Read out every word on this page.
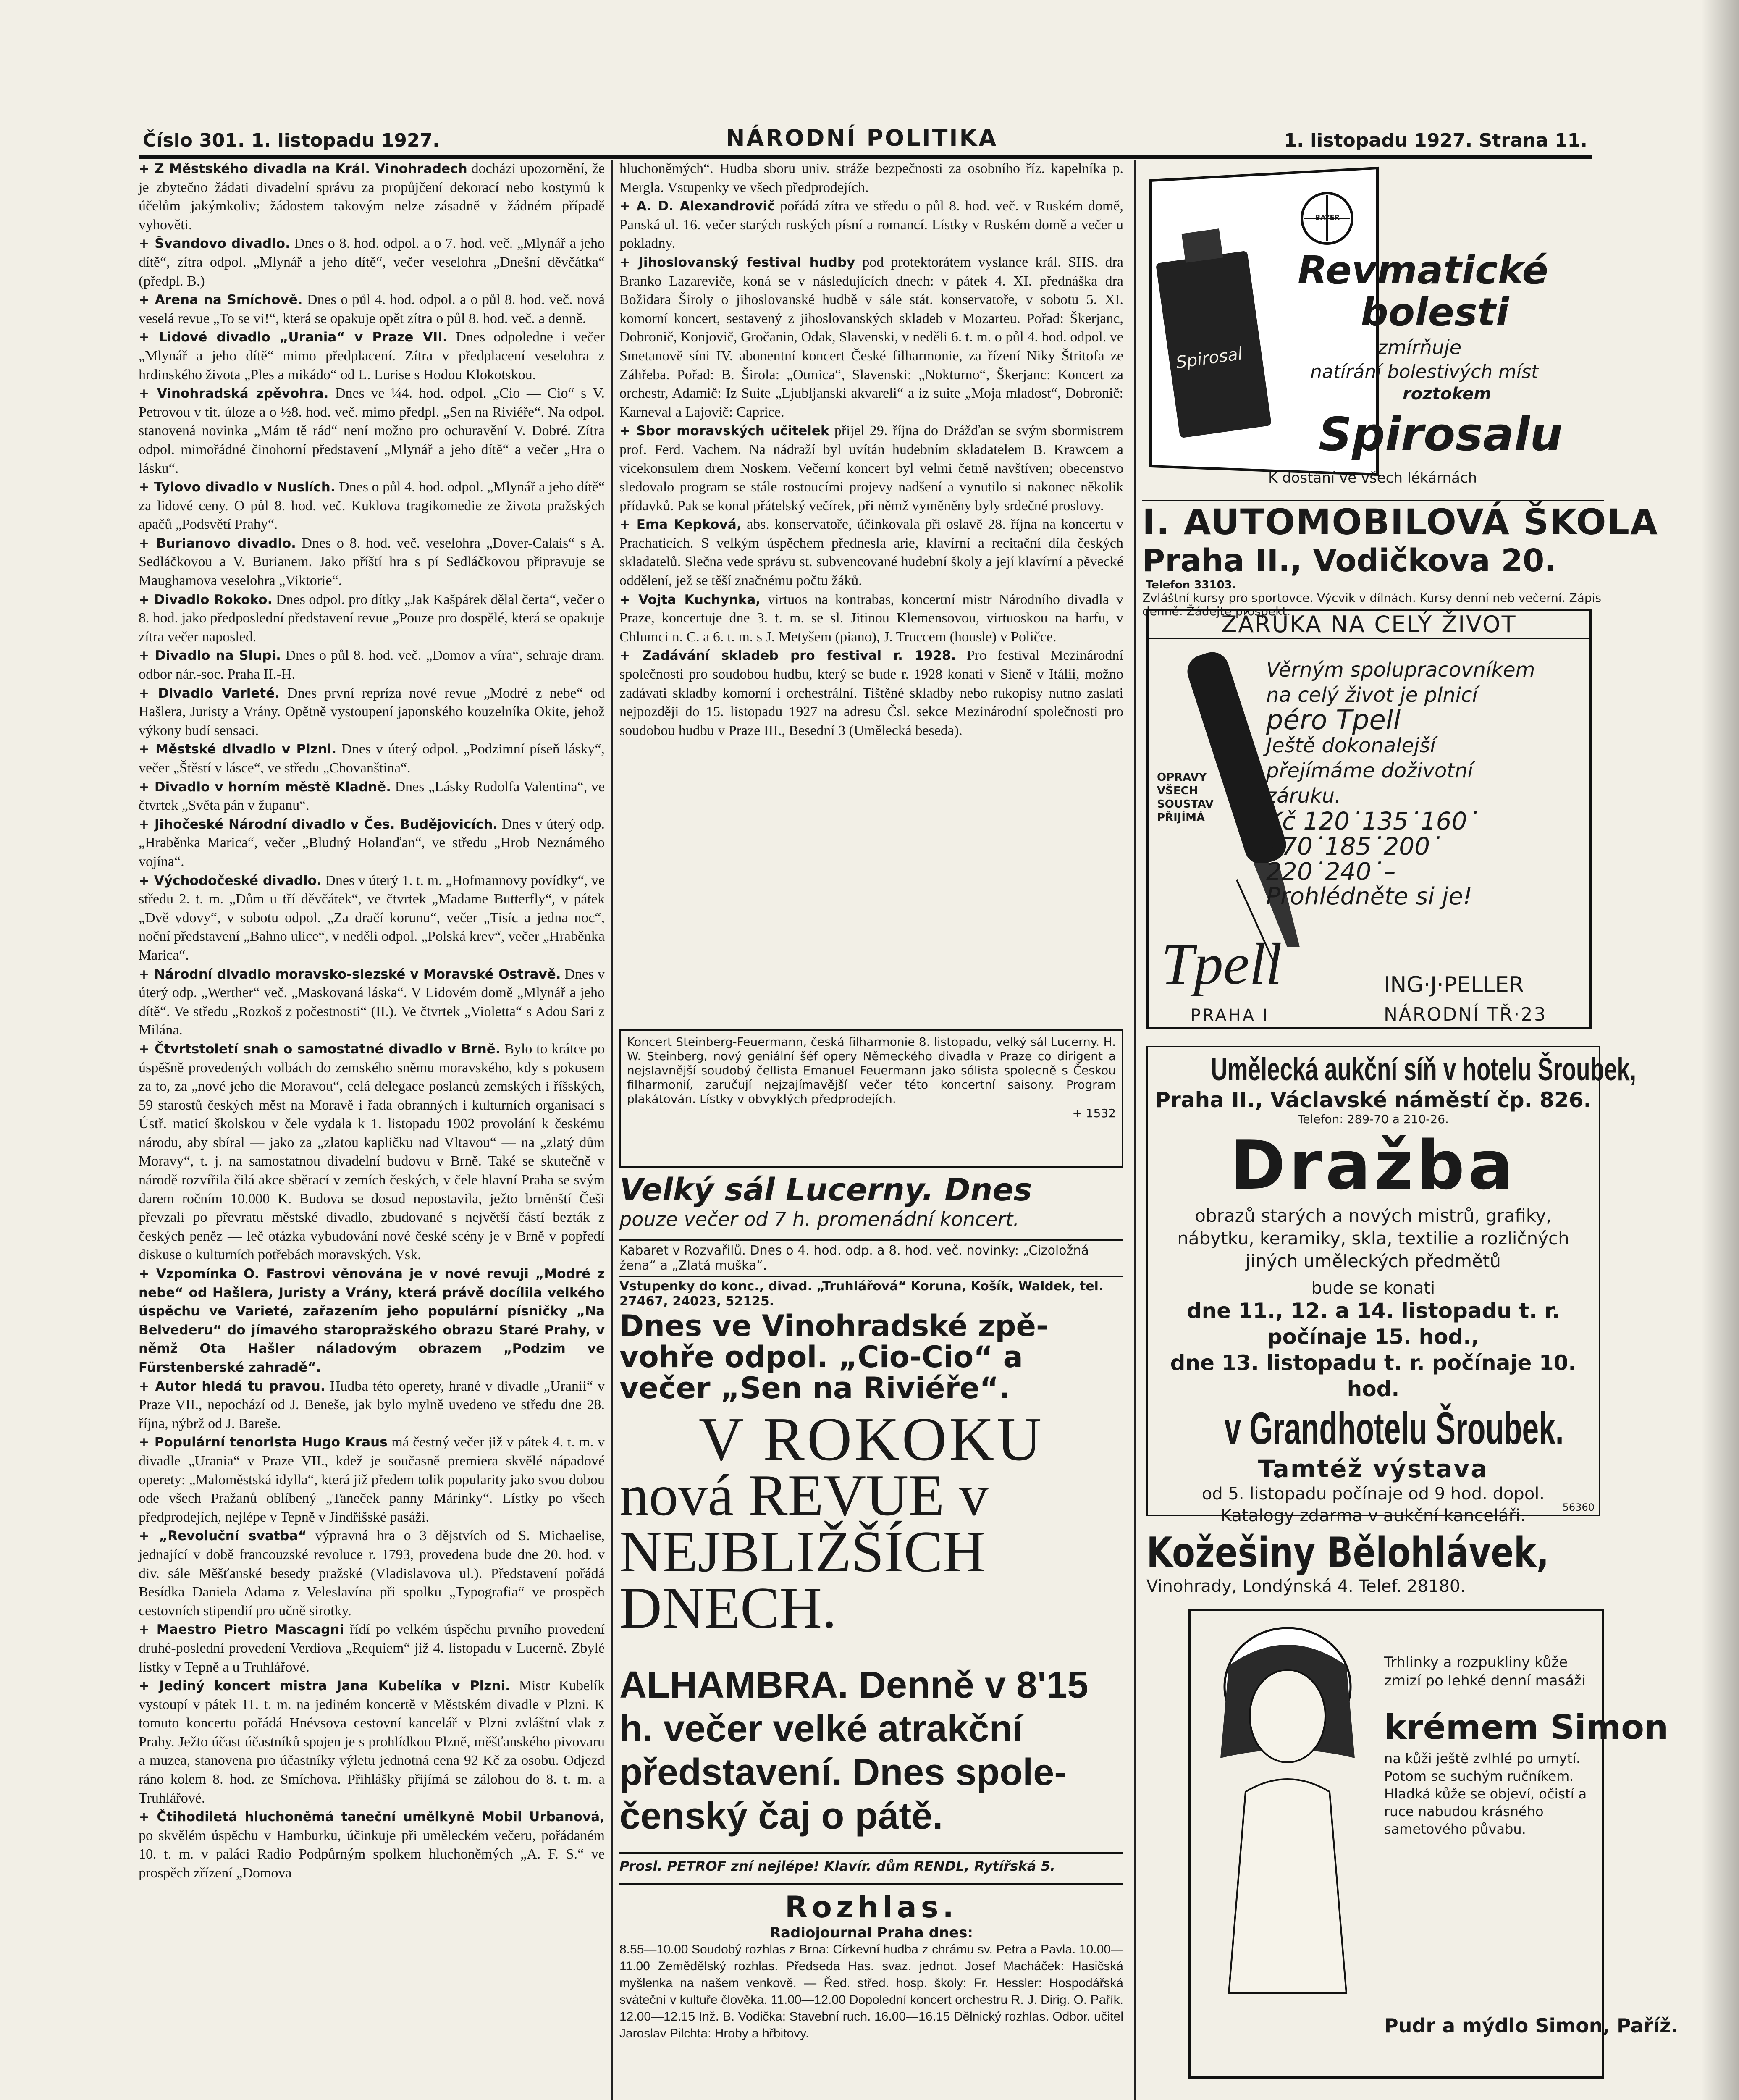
Číslo 301. 1. listopadu 1927.	NÁRODNÍ POLITIKA	1. listopadu 1927. Strana 11.

+ Z Městského divadla na Král. Vinohradech docházi upozornění, že je zbytečno žádati divadelní správu za propůjčení dekorací nebo kostymů k účelům jakýmkoliv; žádostem takovým nelze zásadně v žádném případě vyhověti.

+ Švandovo divadlo. Dnes o 8. hod. odpol. a o 7. hod. več. „Mlynář a jeho dítě“, zítra odpol. „Mlynář a jeho dítě“, večer veselohra „Dnešní děvčátka“ (předpl. B.)

+ Arena na Smíchově. Dnes o půl 4. hod. odpol. a o půl 8. hod. več. nová veselá revue „To se vi!“, která se opakuje opět zítra o půl 8. hod. več. a denně.

+ Lidové divadlo „Urania“ v Praze VII. Dnes odpoledne i večer „Mlynář a jeho dítě“ mimo předplacení. Zítra v předplacení veselohra z hrdinského života „Ples a mikádo“ od L. Lurise s Hodou Klokotskou.

+ Vinohradská zpěvohra. Dnes ve ¼4. hod. odpol. „Cio — Cio“ s V. Petrovou v tit. úloze a o ½8. hod. več. mimo předpl. „Sen na Riviéře“. Na odpol. stanovená novinka „Mám tě rád“ není možno pro ochuravění V. Dobré. Zítra odpol. mimořádné činohorní představení „Mlynář a jeho dítě“ a večer „Hra o lásku“.

+ Tylovo divadlo v Nuslích. Dnes o půl 4. hod. odpol. „Mlynář a jeho dítě“ za lidové ceny. O půl 8. hod. več. Kuklova tragikomedie ze života pražských apačů „Podsvětí Prahy“.

+ Burianovo divadlo. Dnes o 8. hod. več. veselohra „Dover-Calais“ s A. Sedláčkovou a V. Burianem. Jako příští hra s pí Sedláčkovou připravuje se Maughamova veselohra „Viktorie“.

+ Divadlo Rokoko. Dnes odpol. pro dítky „Jak Kašpárek dělal čerta“, večer o 8. hod. jako předposlední představení revue „Pouze pro dospělé, která se opakuje zítra večer naposled.

+ Divadlo na Slupi. Dnes o půl 8. hod. več. „Domov a víra“, sehraje dram. odbor nár.-soc. Praha II.-H.

+ Divadlo Varieté. Dnes první repríza nové revue „Modré z nebe“ od Hašlera, Juristy a Vrány. Opětně vystoupení japonského kouzelníka Okite, jehož výkony budí sensaci.

+ Městské divadlo v Plzni. Dnes v úterý odpol. „Podzimní píseň lásky“, večer „Štěstí v lásce“, ve středu „Chovanština“.

+ Divadlo v horním městě Kladně. Dnes „Lásky Rudolfa Valentina“, ve čtvrtek „Světa pán v županu“.

+ Jihočeské Národní divadlo v Čes. Budějovicích. Dnes v úterý odp. „Hraběnka Marica“, večer „Bludný Holanďan“, ve středu „Hrob Neznámého vojína“.

+ Východočeské divadlo. Dnes v úterý 1. t. m. „Hofmannovy povídky“, ve středu 2. t. m. „Dům u tří děvčátek“, ve čtvrtek „Madame Butterfly“, v pátek „Dvě vdovy“, v sobotu odpol. „Za dračí korunu“, večer „Tisíc a jedna noc“, noční představení „Bahno ulice“, v neděli odpol. „Polská krev“, večer „Hraběnka Marica“.

+ Národní divadlo moravsko-slezské v Moravské Ostravě. Dnes v úterý odp. „Werther“ več. „Maskovaná láska“. V Lidovém domě „Mlynář a jeho dítě“. Ve středu „Rozkoš z počestnosti“ (II.). Ve čtvrtek „Violetta“ s Adou Sari z Milána.

+ Čtvrtstoletí snah o samostatné divadlo v Brně. Bylo to krátce po úspěšně provedených volbách do zemského sněmu moravského, kdy s pokusem za to, za „nové jeho die Moravou“, celá delegace poslanců zemských i říšských, 59 starostů českých měst na Moravě i řada obranných i kulturních organisací s Ústř. maticí školskou v čele vydala k 1. listopadu 1902 provolání k českému národu, aby sbíral — jako za „zlatou kapličku nad Vltavou“ — na „zlatý dům Moravy“, t. j. na samostatnou divadelní budovu v Brně. Také se skutečně v národě rozvířila čilá akce sběrací v zemích českých, v čele hlavní Praha se svým darem ročním 10.000 K. Budova se dosud nepostavila, ježto brněnští Češi převzali po převratu městské divadlo, zbudované s největší částí bezták z českých peněz — leč otázka vybudování nové české scény je v Brně v popředí diskuse o kulturních potřebách moravských. Vsk.

+ Vzpomínka O. Fastrovi věnována je v nové revuji „Modré z nebe“ od Hašlera, Juristy a Vrány, která právě docílila velkého úspěchu ve Varieté, zařazením jeho populární písničky „Na Belvederu“ do jímavého staropražského obrazu Staré Prahy, v němž Ota Hašler náladovým obrazem „Podzim ve Fürstenberské zahradě“.

+ Autor hledá tu pravou. Hudba této operety, hrané v divadle „Uranii“ v Praze VII., nepochází od J. Beneše, jak bylo mylně uvedeno ve středu dne 28. října, nýbrž od J. Bareše.

+ Populární tenorista Hugo Kraus má čestný večer již v pátek 4. t. m. v divadle „Urania“ v Praze VII., kdež je současně premiera skvělé nápadové operety: „Maloměstská idylla“, která již předem tolik popularity jako svou dobou ode všech Pražanů oblíbený „Taneček panny Márinky“. Lístky po všech předprodejích, nejlépe v Tepně v Jindřišské pasáži.

+ „Revoluční svatba“ výpravná hra o 3 dějstvích od S. Michaelise, jednající v době francouzské revoluce r. 1793, provedena bude dne 20. hod. v div. sále Měšťanské besedy pražské (Vladislavova ul.). Představení pořádá Besídka Daniela Adama z Veleslavína při spolku „Typografia“ ve prospěch cestovních stipendií pro učně sirotky.

+ Maestro Pietro Mascagni řídí po velkém úspěchu prvního provedení druhé-poslední provedení Verdiova „Requiem“ již 4. listopadu v Lucerně. Zbylé lístky v Tepně a u Truhlářové.

+ Jediný koncert mistra Jana Kubelíka v Plzni. Mistr Kubelík vystoupí v pátek 11. t. m. na jediném koncertě v Městském divadle v Plzni. K tomuto koncertu pořádá Hnévsova cestovní kancelář v Plzni zvláštní vlak z Prahy. Ježto účast účastníků spojen je s prohlídkou Plzně, měšťanského pivovaru a muzea, stanovena pro účastníky výletu jednotná cena 92 Kč za osobu. Odjezd ráno kolem 8. hod. ze Smíchova. Přihlášky přijímá se zálohou do 8. t. m. a Truhlářové.

+ Čtihodiletá hluchoněmá taneční umělkyně Mobil Urbanová, po skvělém úspěchu v Hamburku, účinkuje při uměleckém večeru, pořádaném 10. t. m. v paláci Radio Podpůrným spolkem hluchoněmých „A. F. S.“ ve prospěch zřízení „Domova

hluchoněmých“. Hudba sboru univ. stráže bezpečnosti za osobního říz. kapelníka p. Mergla. Vstupenky ve všech předprodejích.

+ A. D. Alexandrovič pořádá zítra ve středu o půl 8. hod. več. v Ruském domě, Panská ul. 16. večer starých ruských písní a romancí. Lístky v Ruském domě a večer u pokladny.

+ Jihoslovanský festival hudby pod protektorátem vyslance král. SHS. dra Branko Lazareviče, koná se v následujících dnech: v pátek 4. XI. přednáška dra Božidara Široly o jihoslovanské hudbě v sále stát. konservatoře, v sobotu 5. XI. komorní koncert, sestavený z jihoslovanských skladeb v Mozarteu. Pořad: Škerjanc, Dobronič, Konjovič, Gročanin, Odak, Slavenski, v neděli 6. t. m. o půl 4. hod. odpol. ve Smetanově síni IV. abonentní koncert České filharmonie, za řízení Niky Štritofa ze Záhřeba. Pořad: B. Širola: „Otmica“, Slavenski: „Nokturno“, Škerjanc: Koncert za orchestr, Adamič: Iz Suite „Ljubljanski akvareli“ a iz suite „Moja mladost“, Dobronič: Karneval a Lajovič: Caprice.

+ Sbor moravských učitelek přijel 29. října do Drážďan se svým sbormistrem prof. Ferd. Vachem. Na nádraží byl uvítán hudebním skladatelem B. Krawcem a vicekonsulem drem Noskem. Večerní koncert byl velmi četně navštíven; obecenstvo sledovalo program se stále rostoucími projevy nadšení a vynutilo si nakonec několik přídavků. Pak se konal přátelský večírek, při němž vyměněny byly srdečné proslovy.

+ Ema Kepková, abs. konservatoře, účinkovala při oslavě 28. října na koncertu v Prachaticích. S velkým úspěchem přednesla arie, klavírní a recitační díla českých skladatelů. Slečna vede správu st. subvencované hudební školy a její klavírní a pěvecké oddělení, jež se těší značnému počtu žáků.

+ Vojta Kuchynka, virtuos na kontrabas, koncertní mistr Národního divadla v Praze, koncertuje dne 3. t. m. se sl. Jitinou Klemensovou, virtuoskou na harfu, v Chlumci n. C. a 6. t. m. s J. Metyšem (piano), J. Truccem (housle) v Poličce.

+ Zadávání skladeb pro festival r. 1928. Pro festival Mezinárodní společnosti pro soudobou hudbu, který se bude r. 1928 konati v Sieně v Itálii, možno zadávati skladby komorní i orchestrální. Tištěné skladby nebo rukopisy nutno zaslati nejpozději do 15. listopadu 1927 na adresu Čsl. sekce Mezinárodní společnosti pro soudobou hudbu v Praze III., Besední 3 (Umělecká beseda).

Koncert Steinberg-Feuermann, česká filharmonie 8. listopadu, velký sál Lucerny. H. W. Steinberg, nový geniální šéf opery Německého divadla v Praze co dirigent a nejslavnější soudobý čellista Emanuel Feuermann jako sólista spolecně s Českou filharmonií, zaručují nejzajímavější večer této koncertní saisony. Program plakátován. Lístky v obvyklých předprodejích.
+ 1532
Velký sál Lucerny. Dnes
pouze večer od 7 h. promenádní koncert.
Kabaret v Rozvařilů. Dnes o 4. hod. odp. a 8. hod. več. novinky: „Cizoložná žena“ a „Zlatá muška“.
Vstupenky do konc., divad. „Truhlářová“ Koruna, Košík, Waldek, tel. 27467, 24023, 52125.
Dnes ve Vinohradské zpě-
vohře odpol. „Cio-Cio“ a
večer „Sen na Riviéře“.
V ROKOKU
nová REVUE v
NEJBLIŽŠÍCH
DNECH.
ALHAMBRA. Denně v 8'15
h. večer velké atrakční
představení. Dnes spole-
čenský čaj o pátě.
Prosl. PETROF zní nejlépe! Klavír. dům RENDL, Rytířská 5.
Rozhlas.
Radiojournal Praha dnes:
8.55—10.00 Soudobý rozhlas z Brna: Církevní hudba z chrámu sv. Petra a Pavla. 10.00—11.00 Zemědělský rozhlas. Předseda Has. svaz. jednot. Josef Macháček: Hasičská myšlenka na našem venkově. — Řed. střed. hosp. školy: Fr. Hessler: Hospodářská sváteční v kultuře člověka. 11.00—12.00 Dopolední koncert orchestru R. J. Dirig. O. Pařík. 12.00—12.15 Inž. B. Vodička: Stavební ruch. 16.00—16.15 Dělnický rozhlas. Odbor. učitel Jaroslav Pilchta: Hroby a hřbitovy.
Spirosal
BAYER
Revmatické
bolesti
zmírňuje
natírání bolestivých míst
roztokem
Spirosalu
K dostání ve všech lékárnách
I. AUTOMOBILOVÁ ŠKOLA
Praha II., Vodičkova 20. Telefon 33103.
Zvláštní kursy pro sportovce. Výcvik v dílnách. Kursy denní neb večerní. Zápis denně. Žádejte prospekt.
ZÁRUKA NA CELÝ ŽIVOT
Věrným spolupracovníkem
na celý život je plnicí
péro Tpell
Ještě dokonalejší
přejímáme doživotní
záruku.
Kč 120˙135˙160˙
170˙185˙200˙
220˙240˙–
Prohlédněte si je!
OPRAVY VŠECH SOUSTAV PŘIJÍMÁ
Tpell	ING·J·PELLER
PRAHA I	NÁRODNÍ TŘ·23
Umělecká aukční síň v hotelu Šroubek,
Praha II., Václavské náměstí čp. 826.
Telefon: 289-70 a 210-26.
Dražba
obrazů starých a nových mistrů, grafiky, nábytku, keramiky, skla, textilie a rozličných jiných uměleckých předmětů
bude se konati
dne 11., 12. a 14. listopadu t. r. počínaje 15. hod.,
dne 13. listopadu t. r. počínaje 10. hod.
v Grandhotelu Šroubek.
Tamtéž výstava
od 5. listopadu počínaje od 9 hod. dopol. Katalogy zdarma v aukční kanceláři.	56360
Kožešiny Bělohlávek,
Vinohrady, Londýnská 4. Telef. 28180.
Trhlinky a rozpukliny kůže zmizí po lehké denní masáži
krémem Simon
na kůži ještě zvlhlé po umytí. Potom se suchým ručníkem. Hladká kůže se objeví, očistí a ruce nabudou krásného sametového půvabu.
Pudr a mýdlo Simon, Paříž.
